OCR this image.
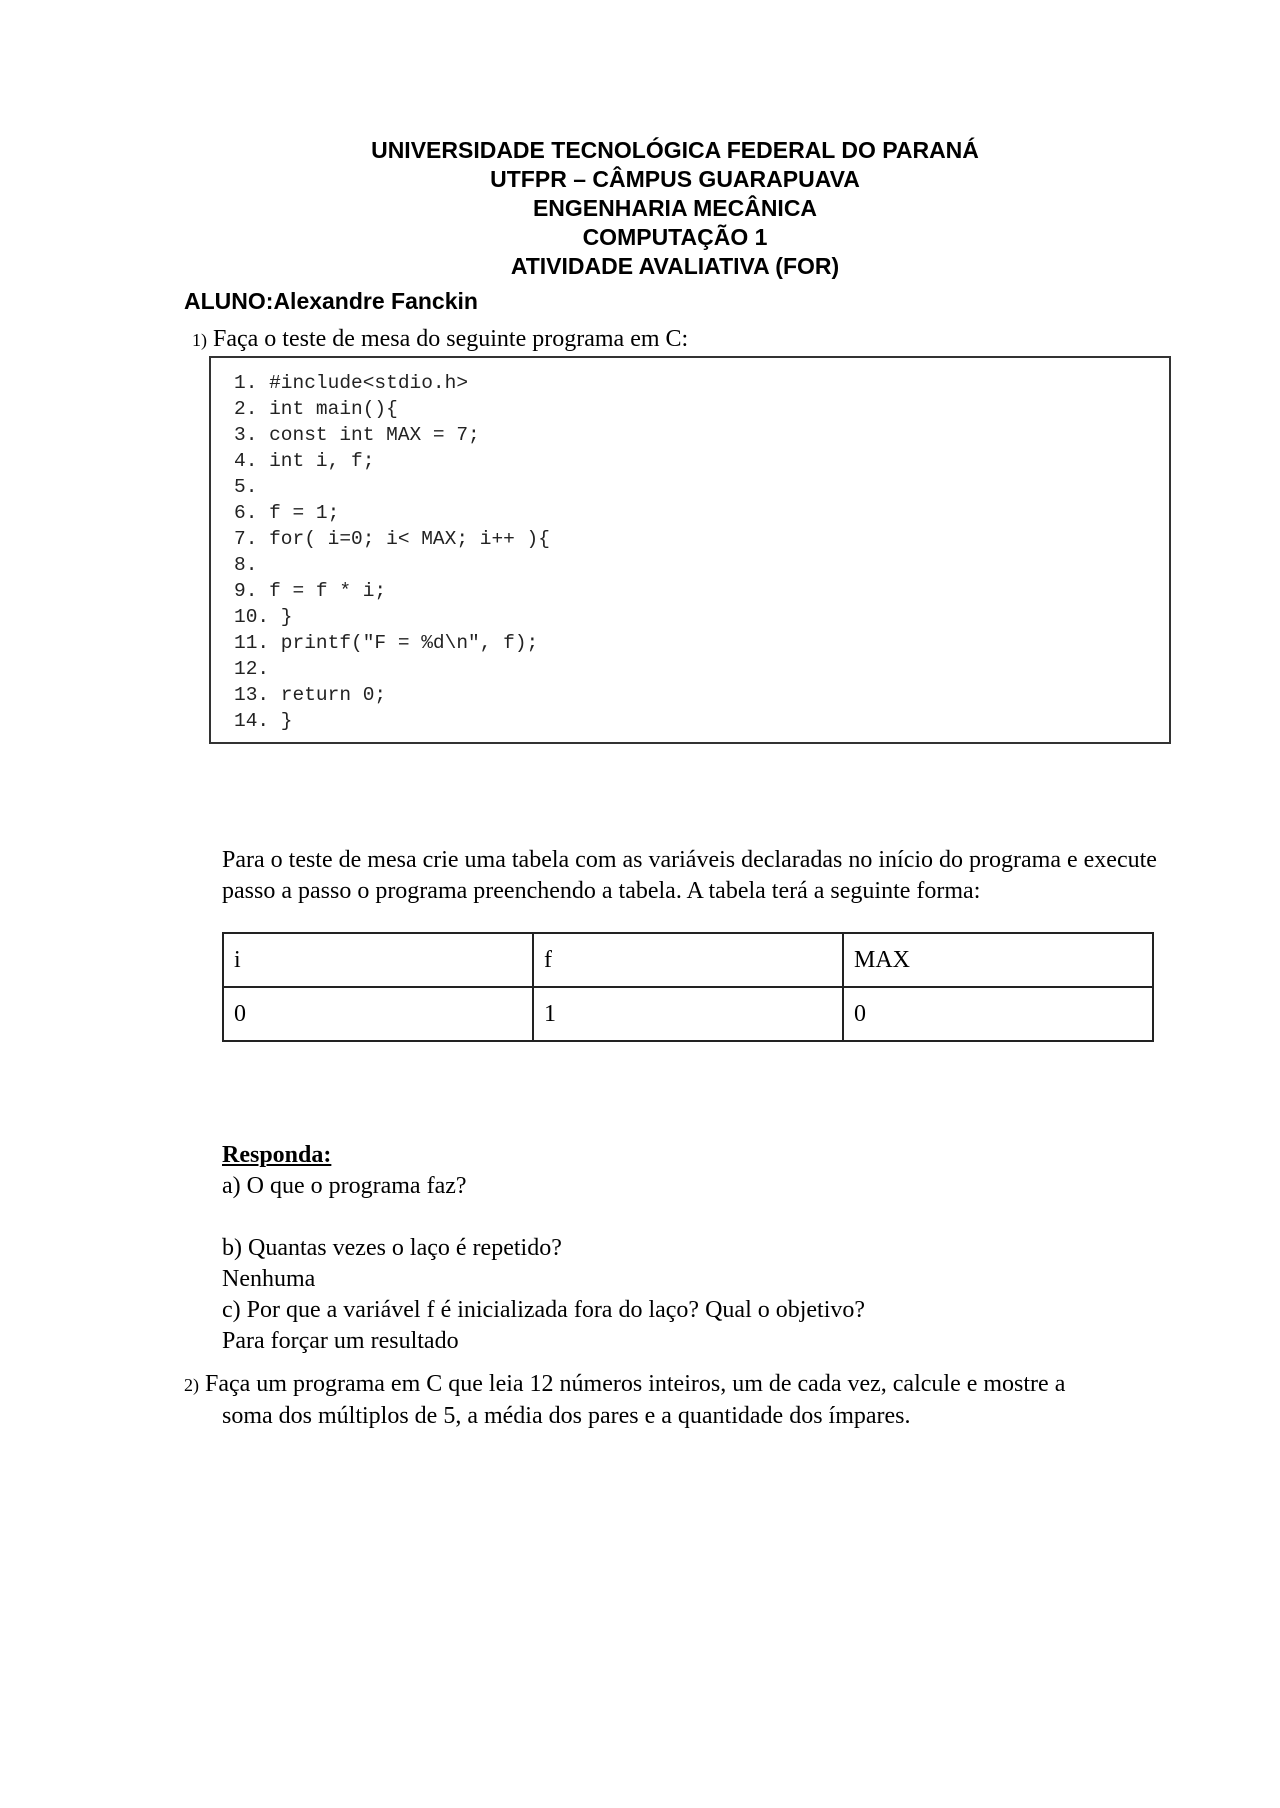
UNIVERSIDADE TECNOLÓGICA FEDERAL DO PARANÁ
UTFPR – CÂMPUS GUARAPUAVA
ENGENHARIA MECÂNICA
COMPUTAÇÃO 1
ATIVIDADE AVALIATIVA (FOR)
ALUNO:Alexandre Fanckin
1) Faça o teste de mesa do seguinte programa em C:
1. #include<stdio.h>
2. int main(){
3. const int MAX = 7;
4. int i, f;
5.
6. f = 1;
7. for( i=0; i< MAX; i++ ){
8.
9. f = f * i;
10. }
11. printf("F = %d\n", f);
12.
13. return 0;
14. }
Para o teste de mesa crie uma tabela com as variáveis declaradas no início do programa e execute passo a passo o programa preenchendo a tabela. A tabela terá a seguinte forma:
i	f	MAX
0	1	0
Responda:
a) O que o programa faz?
b) Quantas vezes o laço é repetido?
Nenhuma
c) Por que a variável f é inicializada fora do laço? Qual o objetivo?
Para forçar um resultado
2) Faça um programa em C que leia 12 números inteiros, um de cada vez, calcule e mostre a
soma dos múltiplos de 5, a média dos pares e a quantidade dos ímpares.
